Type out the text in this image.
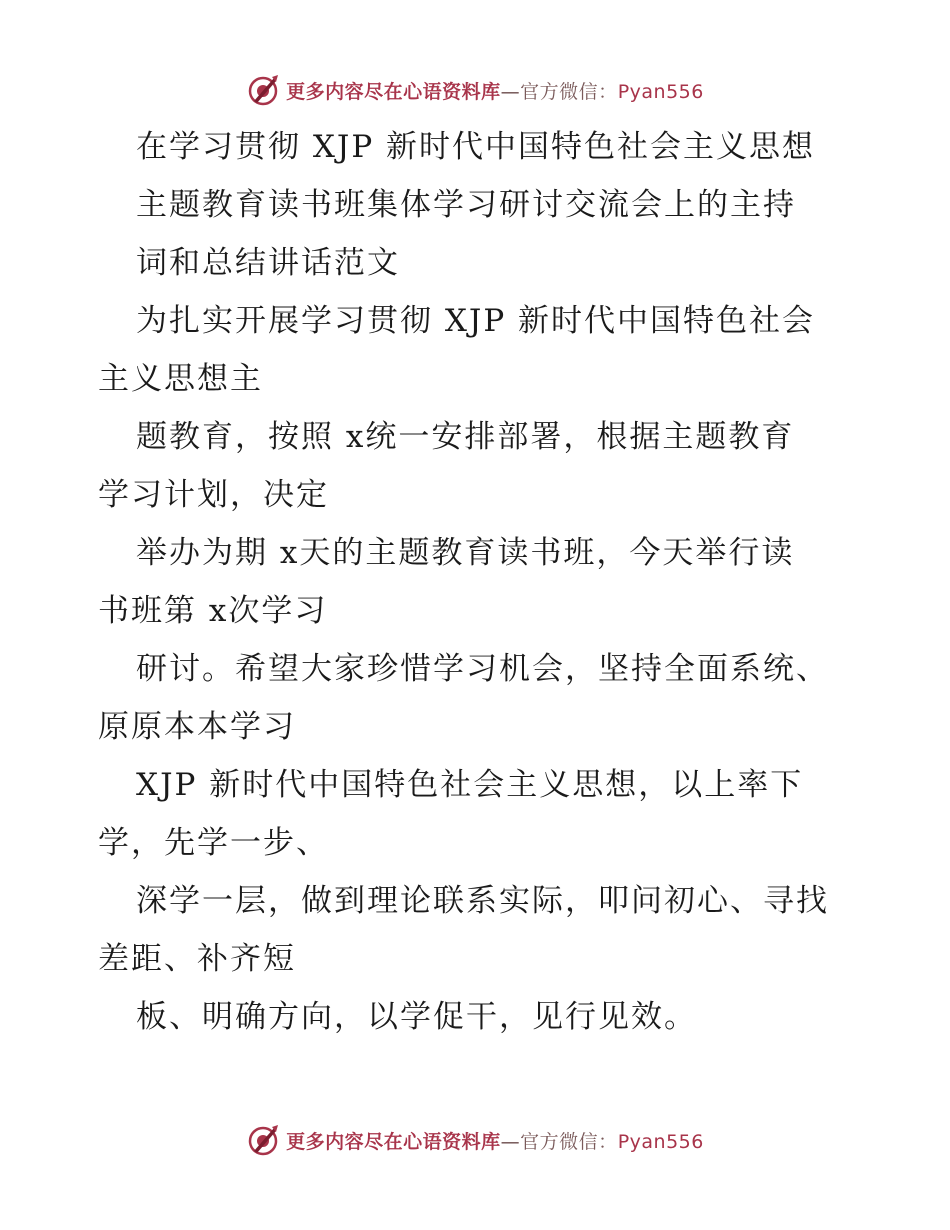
更多内容尽在心语资料库—官方微信：Pyan556
在学习贯彻 XJP 新时代中国特色社会主义思想
主题教育读书班集体学习研讨交流会上的主持
词和总结讲话范文
为扎实开展学习贯彻 XJP 新时代中国特色社会
主义思想主
题教育，按照 x统一安排部署，根据主题教育
学习计划，决定
举办为期 x天的主题教育读书班，今天举行读
书班第 x次学习
研讨。希望大家珍惜学习机会，坚持全面系统、
原原本本学习
XJP 新时代中国特色社会主义思想，以上率下
学，先学一步、
深学一层，做到理论联系实际，叩问初心、寻找
差距、补齐短
板、明确方向，以学促干，见行见效。
更多内容尽在心语资料库—官方微信：Pyan556
